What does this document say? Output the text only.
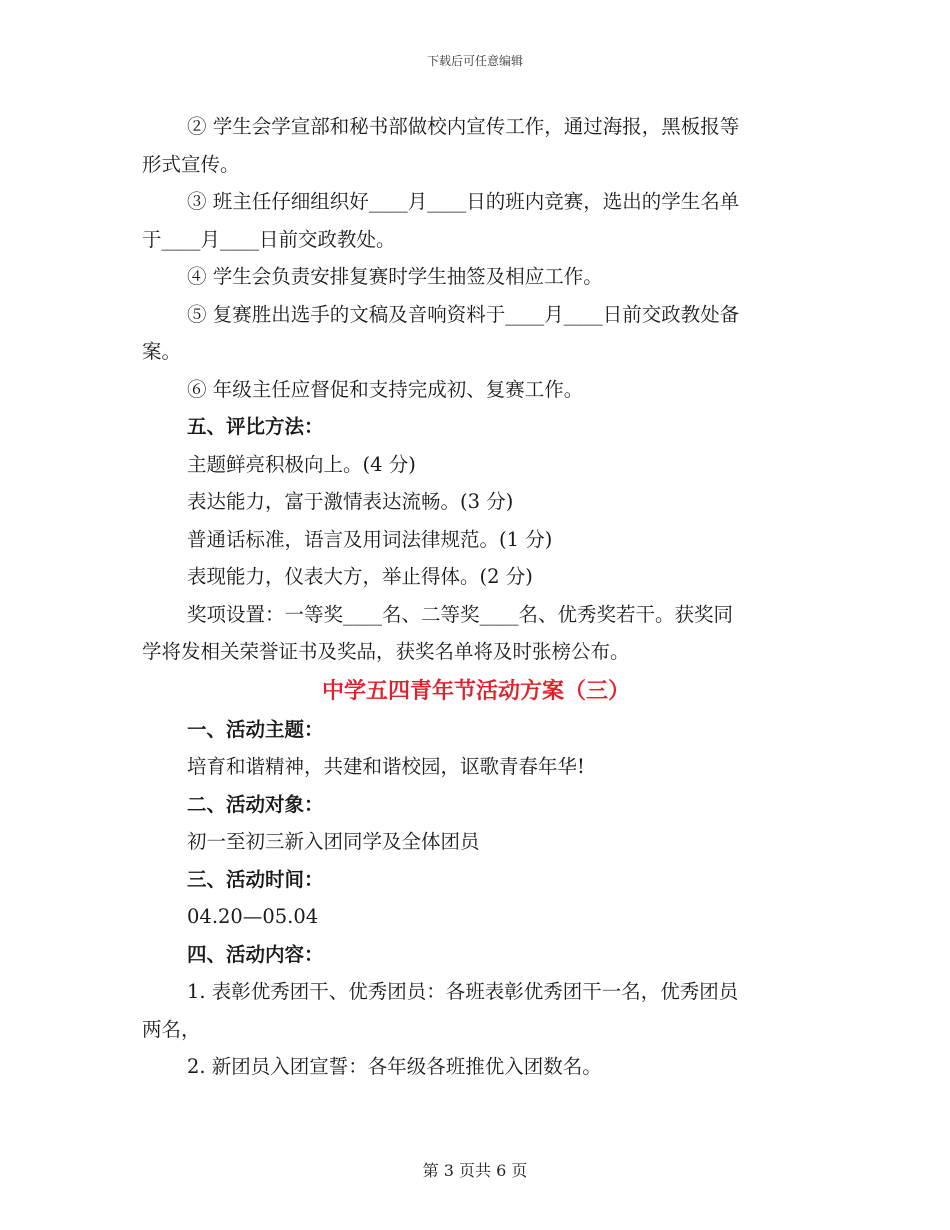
下载后可任意编辑
② 学生会学宣部和秘书部做校内宣传工作，通过海报，黑板报等
形式宣传。
③ 班主任仔细组织好____月____日的班内竞赛，选出的学生名单
于____月____日前交政教处。
④ 学生会负责安排复赛时学生抽签及相应工作。
⑤ 复赛胜出选手的文稿及音响资料于____月____日前交政教处备
案。
⑥ 年级主任应督促和支持完成初、复赛工作。
五、评比方法：
主题鲜亮积极向上。(4 分)
表达能力，富于激情表达流畅。(3 分)
普通话标准，语言及用词法律规范。(1 分)
表现能力，仪表大方，举止得体。(2 分)
奖项设置：一等奖____名、二等奖____名、优秀奖若干。获奖同
学将发相关荣誉证书及奖品，获奖名单将及时张榜公布。
中学五四青年节活动方案（三）
一、活动主题：
培育和谐精神，共建和谐校园，讴歌青春年华!
二、活动对象：
初一至初三新入团同学及全体团员
三、活动时间：
04.20—05.04
四、活动内容：
1. 表彰优秀团干、优秀团员：各班表彰优秀团干一名，优秀团员
两名，
2. 新团员入团宣誓：各年级各班推优入团数名。
第 3 页共 6 页
